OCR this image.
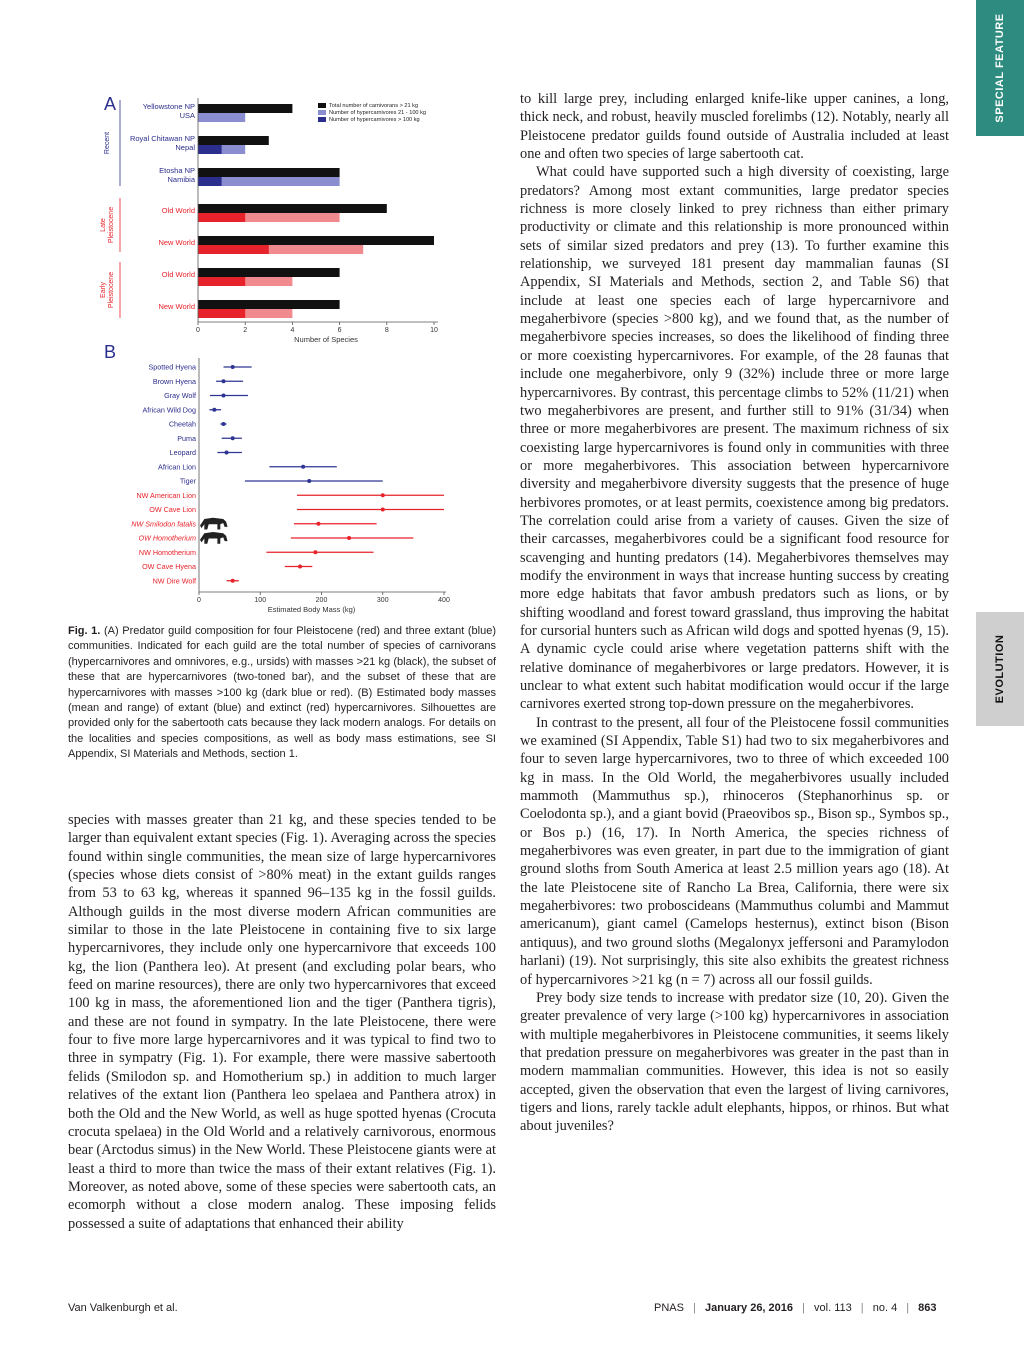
SPECIAL FEATURE
EVOLUTION
A	Yellowstone NP
USA
Royal Chitawan NP
Nepal
Etosha NP
Namibia
Old World
New World
Old World
New World
0	2	4	6	8	10
Number of Species
Recent
Late Pleistocene
Early Pleistocene
Total number of carnivorans > 21 kg
Number of hypercarnivores 21 - 100 kg
Number of hypercarnivores > 100 kg
B
Spotted Hyena
Brown Hyena
Gray Wolf
African Wild Dog
Cheetah
Puma
Leopard
African Lion
Tiger
NW American Lion
OW Cave Lion
NW Smilodon fatalis
OW Homotherium
NW Homotherium
OW Cave Hyena
NW Dire Wolf
0	100	200	300	400
Estimated Body Mass (kg)
Fig. 1. (A) Predator guild composition for four Pleistocene (red) and three extant (blue) communities. Indicated for each guild are the total number of species of carnivorans (hypercarnivores and omnivores, e.g., ursids) with masses >21 kg (black), the subset of these that are hypercarnivores (two-toned bar), and the subset of these that are hypercarnivores with masses >100 kg (dark blue or red). (B) Estimated body masses (mean and range) of extant (blue) and extinct (red) hypercarnivores. Silhouettes are provided only for the sabertooth cats because they lack modern analogs. For details on the localities and species compositions, as well as body mass estimations, see SI Appendix, SI Materials and Methods, section 1.

species with masses greater than 21 kg, and these species tended to be larger than equivalent extant species (Fig. 1). Averaging across the species found within single communities, the mean size of large hypercarnivores (species whose diets consist of >80% meat) in the extant guilds ranges from 53 to 63 kg, whereas it spanned 96–135 kg in the fossil guilds. Although guilds in the most diverse modern African communities are similar to those in the late Pleistocene in containing five to six large hypercarnivores, they include only one hypercarnivore that exceeds 100 kg, the lion (Panthera leo). At present (and excluding polar bears, who feed on marine resources), there are only two hypercarnivores that exceed 100 kg in mass, the aforementioned lion and the tiger (Panthera tigris), and these are not found in sympatry. In the late Pleistocene, there were four to five more large hypercarnivores and it was typical to find two to three in sympatry (Fig. 1). For example, there were massive sabertooth felids (Smilodon sp. and Homotherium sp.) in addition to much larger relatives of the extant lion (Panthera leo spelaea and Panthera atrox) in both the Old and the New World, as well as huge spotted hyenas (Crocuta crocuta spelaea) in the Old World and a relatively carnivorous, enormous bear (Arctodus simus) in the New World. These Pleistocene giants were at least a third to more than twice the mass of their extant relatives (Fig. 1). Moreover, as noted above, some of these species were sabertooth cats, an ecomorph without a close modern analog. These imposing felids possessed a suite of adaptations that enhanced their ability

to kill large prey, including enlarged knife-like upper canines, a long, thick neck, and robust, heavily muscled forelimbs (12). Notably, nearly all Pleistocene predator guilds found outside of Australia included at least one and often two species of large sabertooth cat.

What could have supported such a high diversity of coexisting, large predators? Among most extant communities, large predator species richness is more closely linked to prey richness than either primary productivity or climate and this relationship is more pronounced within sets of similar sized predators and prey (13). To further examine this relationship, we surveyed 181 present day mammalian faunas (SI Appendix, SI Materials and Methods, section 2, and Table S6) that include at least one species each of large hypercarnivore and megaherbivore (species >800 kg), and we found that, as the number of megaherbivore species increases, so does the likelihood of finding three or more coexisting hypercarnivores. For example, of the 28 faunas that include one megaherbivore, only 9 (32%) include three or more large hypercarnivores. By contrast, this percentage climbs to 52% (11/21) when two megaherbivores are present, and further still to 91% (31/34) when three or more megaherbivores are present. The maximum richness of six coexisting large hypercarnivores is found only in communities with three or more megaherbivores. This association between hypercarnivore diversity and megaherbivore diversity suggests that the presence of huge herbivores promotes, or at least permits, coexistence among big predators. The correlation could arise from a variety of causes. Given the size of their carcasses, megaherbivores could be a significant food resource for scavenging and hunting predators (14). Megaherbivores themselves may modify the environment in ways that increase hunting success by creating more edge habitats that favor ambush predators such as lions, or by shifting woodland and forest toward grassland, thus improving the habitat for cursorial hunters such as African wild dogs and spotted hyenas (9, 15). A dynamic cycle could arise where vegetation patterns shift with the relative dominance of megaherbivores or large predators. However, it is unclear to what extent such habitat modification would occur if the large carnivores exerted strong top-down pressure on the megaherbivores.

In contrast to the present, all four of the Pleistocene fossil communities we examined (SI Appendix, Table S1) had two to six megaherbivores and four to seven large hypercarnivores, two to three of which exceeded 100 kg in mass. In the Old World, the megaherbivores usually included mammoth (Mammuthus sp.), rhinoceros (Stephanorhinus sp. or Coelodonta sp.), and a giant bovid (Praeovibos sp., Bison sp., Symbos sp., or Bos p.) (16, 17). In North America, the species richness of megaherbivores was even greater, in part due to the immigration of giant ground sloths from South America at least 2.5 million years ago (18). At the late Pleistocene site of Rancho La Brea, California, there were six megaherbivores: two proboscideans (Mammuthus columbi and Mammut americanum), giant camel (Camelops hesternus), extinct bison (Bison antiquus), and two ground sloths (Megalonyx jeffersoni and Paramylodon harlani) (19). Not surprisingly, this site also exhibits the greatest richness of hypercarnivores >21 kg (n = 7) across all our fossil guilds.

Prey body size tends to increase with predator size (10, 20). Given the greater prevalence of very large (>100 kg) hypercarnivores in association with multiple megaherbivores in Pleistocene communities, it seems likely that predation pressure on megaherbivores was greater in the past than in modern mammalian communities. However, this idea is not so easily accepted, given the observation that even the largest of living carnivores, tigers and lions, rarely tackle adult elephants, hippos, or rhinos. But what about juveniles?

Van Valkenburgh et al.	PNAS | January 26, 2016 | vol. 113 | no. 4 | 863
